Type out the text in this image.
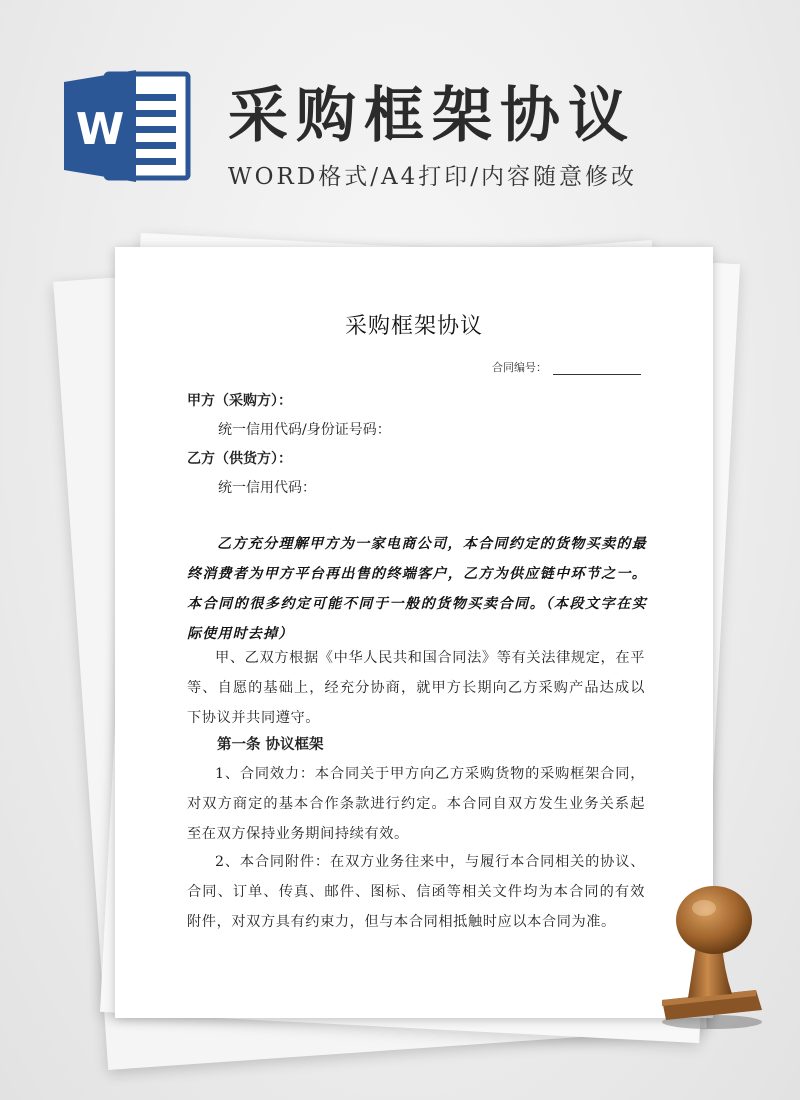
W 采购框架协议
WORD格式/A4打印/内容随意修改
采购框架协议
合同编号：
甲方（采购方）：
统一信用代码/身份证号码：
乙方（供货方）：
统一信用代码：
乙方充分理解甲方为一家电商公司，本合同约定的货物买卖的最终消费者为甲方平台再出售的终端客户，乙方为供应链中环节之一。本合同的很多约定可能不同于一般的货物买卖合同。（本段文字在实际使用时去掉）
甲、乙双方根据《中华人民共和国合同法》等有关法律规定，在平等、自愿的基础上，经充分协商，就甲方长期向乙方采购产品达成以下协议并共同遵守。
第一条 协议框架
1、合同效力：本合同关于甲方向乙方采购货物的采购框架合同，对双方商定的基本合作条款进行约定。本合同自双方发生业务关系起至在双方保持业务期间持续有效。
2、本合同附件：在双方业务往来中，与履行本合同相关的协议、合同、订单、传真、邮件、图标、信函等相关文件均为本合同的有效附件，对双方具有约束力，但与本合同相抵触时应以本合同为准。
